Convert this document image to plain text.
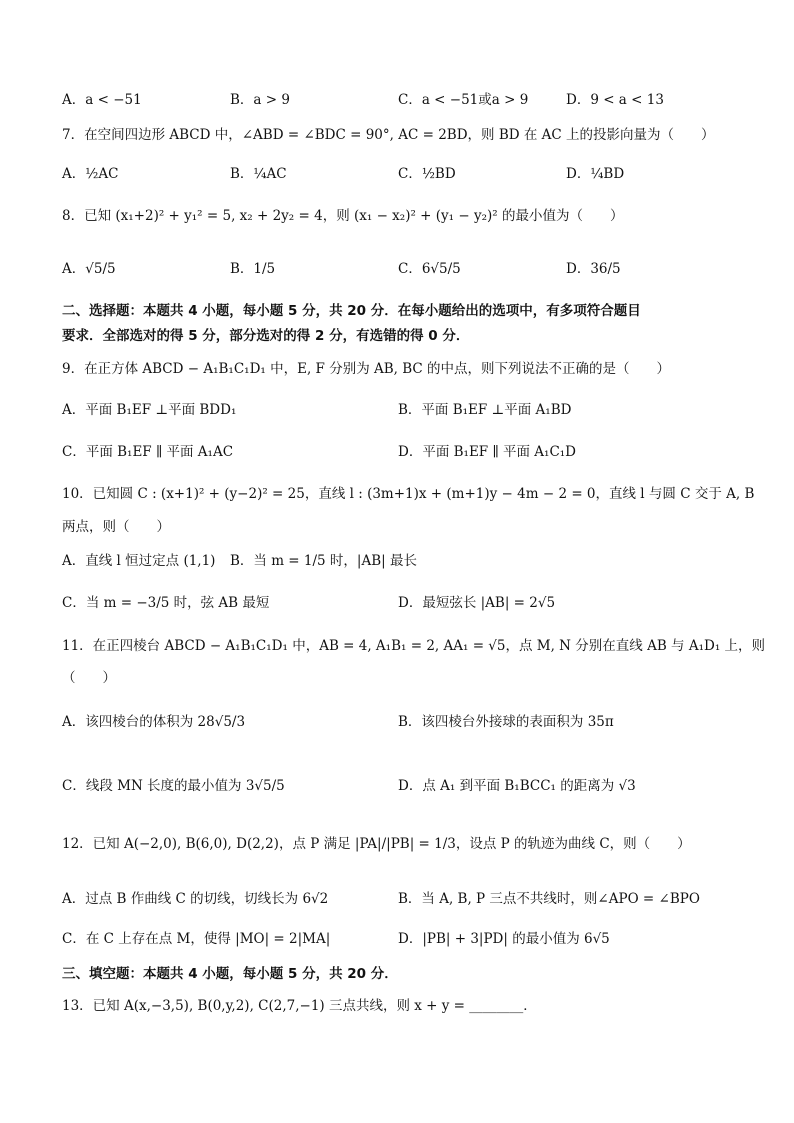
A．a < −51	B．a > 9	C．a < −51或a > 9	D．9 < a < 13
7．在空间四边形 ABCD 中，∠ABD = ∠BDC = 90°, AC = 2BD，则 BD 在 AC 上的投影向量为（　　）
A．½AC	B．¼AC	C．½BD	D．¼BD
8．已知 (x₁+2)² + y₁² = 5, x₂ + 2y₂ = 4，则 (x₁ − x₂)² + (y₁ − y₂)² 的最小值为（　　）
A．√5/5	B．1/5	C．6√5/5	D．36/5
二、选择题：本题共 4 小题，每小题 5 分，共 20 分．在每小题给出的选项中，有多项符合题目
要求．全部选对的得 5 分，部分选对的得 2 分，有选错的得 0 分．
9．在正方体 ABCD − A₁B₁C₁D₁ 中，E, F 分别为 AB, BC 的中点，则下列说法不正确的是（　　）
A．平面 B₁EF ⊥平面 BDD₁	B．平面 B₁EF ⊥平面 A₁BD
C．平面 B₁EF ∥ 平面 A₁AC	D．平面 B₁EF ∥ 平面 A₁C₁D
10．已知圆 C : (x+1)² + (y−2)² = 25，直线 l : (3m+1)x + (m+1)y − 4m − 2 = 0，直线 l 与圆 C 交于 A, B
两点，则（　　）
A．直线 l 恒过定点 (1,1) B．当 m = 1/5 时，|AB| 最长
C．当 m = −3/5 时，弦 AB 最短	D．最短弦长 |AB| = 2√5
11．在正四棱台 ABCD − A₁B₁C₁D₁ 中，AB = 4, A₁B₁ = 2, AA₁ = √5，点 M, N 分别在直线 AB 与 A₁D₁ 上，则
（　　）
A．该四棱台的体积为 28√5/3	B．该四棱台外接球的表面积为 35π
C．线段 MN 长度的最小值为 3√5/5	D．点 A₁ 到平面 B₁BCC₁ 的距离为 √3
12．已知 A(−2,0), B(6,0), D(2,2)，点 P 满足 |PA|/|PB| = 1/3，设点 P 的轨迹为曲线 C，则（　　）
A．过点 B 作曲线 C 的切线，切线长为 6√2	B．当 A, B, P 三点不共线时，则∠APO = ∠BPO
C．在 C 上存在点 M，使得 |MO| = 2|MA|	D．|PB| + 3|PD| 的最小值为 6√5
三、填空题：本题共 4 小题，每小题 5 分，共 20 分．
13．已知 A(x,−3,5), B(0,y,2), C(2,7,−1) 三点共线，则 x + y = ________．
